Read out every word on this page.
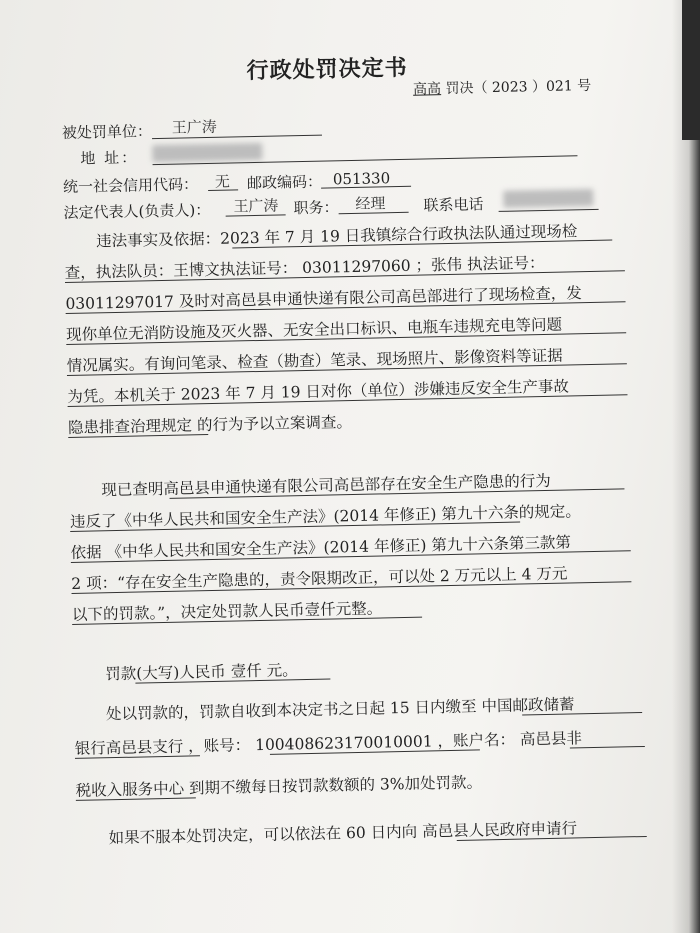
行政处罚决定书
高高 罚决（ 2023 ）021 号
被处罚单位： 王广涛
地 址：
统一社会信用代码： 无 邮政编码： 051330
法定代表人(负责人)： 王广涛 职务： 经理	联系电话
违法事实及依据：2023 年 7 月 19 日我镇综合行政执法队通过现场检
查，执法队员：王博文执法证号： 03011297060 ；张伟 执法证号：
03011297017 及时对高邑县申通快递有限公司高邑部进行了现场检查，发
现你单位无消防设施及灭火器、无安全出口标识、电瓶车违规充电等问题
情况属实。有询问笔录、检查（勘查）笔录、现场照片、影像资料等证据
为凭。本机关于 2023 年 7 月 19 日对你（单位）涉嫌违反安全生产事故
隐患排查治理规定 的行为予以立案调查。
现已查明高邑县申通快递有限公司高邑部存在安全生产隐患的行为
违反了《中华人民共和国安全生产法》(2014 年修正) 第九十六条的规定。
依据 《中华人民共和国安全生产法》(2014 年修正) 第九十六条第三款第
2 项：“存在安全生产隐患的，责令限期改正，可以处 2 万元以上 4 万元
以下的罚款。”，决定处罚款人民币壹仟元整。
罚款(大写)人民币 壹仟 元。
处以罚款的，罚款自收到本决定书之日起 15 日内缴至 中国邮政储蓄
银行高邑县支行 ，账号： 100408623170010001 ，账户名： 高邑县非
税收入服务中心 到期不缴每日按罚款数额的 3%加处罚款。
如果不服本处罚决定，可以依法在 60 日内向 高邑县人民政府申请行
